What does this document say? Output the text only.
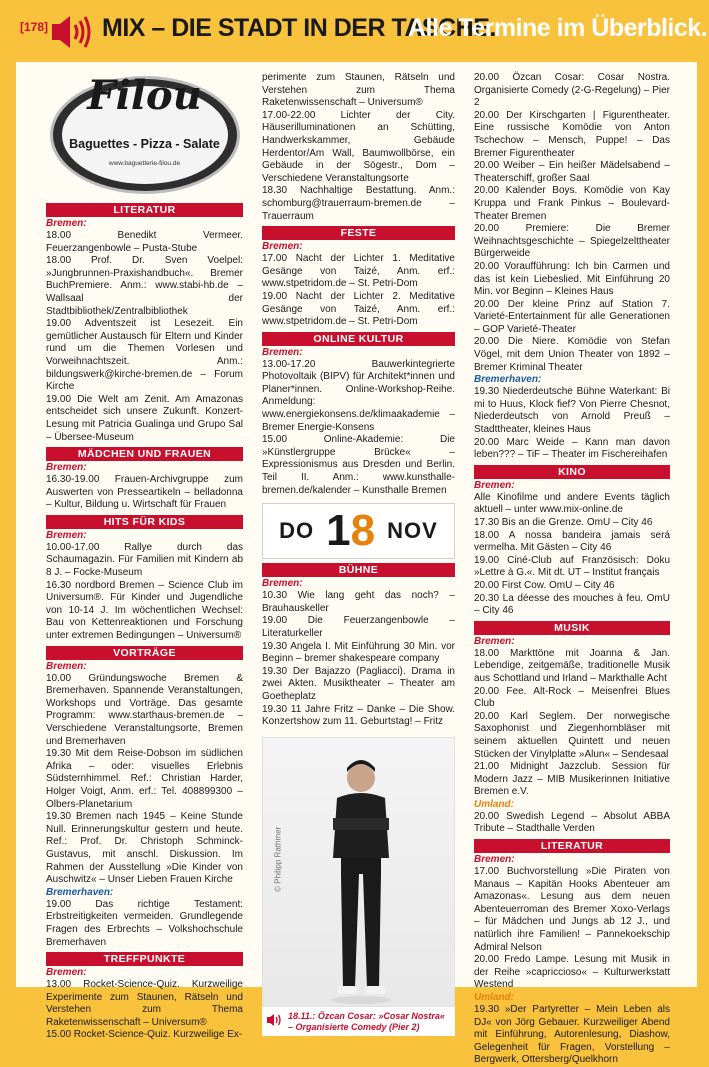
[178] MIX – DIE STADT IN DER TASCHE.
Alle Termine im Überblick.
Filou
Baguettes - Pizza - Salate
www.baguetterie-filou.de
LITERATUR
Bremen:
18.00 Benedikt Vermeer. Feuerzangenbowle – Pusta-Stube
18.00 Prof. Dr. Sven Voelpel: »Jungbrunnen-Praxishandbuch«. Bremer BuchPremiere. Anm.: www.stabi-hb.de – Wallsaal der Stadtbibliothek/Zentralbibliothek
19.00 Adventszeit ist Lesezeit. Ein gemütlicher Austausch für Eltern und Kinder rund um die Themen Vorlesen und Vorweihnachtszeit. Anm.: bildungswerk@kirche-bremen.de – Forum Kirche
19.00 Die Welt am Zenit. Am Amazonas entscheidet sich unsere Zukunft. Konzert-Lesung mit Patricia Gualinga und Grupo Sal – Übersee-Museum
MÄDCHEN UND FRAUEN
Bremen:
16.30-19.00 Frauen-Archivgruppe zum Auswerten von Presseartikeln – belladonna – Kultur, Bildung u. Wirtschaft für Frauen
HITS FÜR KIDS
Bremen:
10.00-17.00 Rallye durch das Schaumagazin. Für Familien mit Kindern ab 8 J. – Focke-Museum
16.30 nordbord Bremen – Science Club im Universum®. Für Kinder und Jugendliche von 10-14 J. Im wöchentlichen Wechsel: Bau von Kettenreaktionen und Forschung unter extremen Bedingungen – Universum®
VORTRÄGE
Bremen:
10.00 Gründungswoche Bremen & Bremerhaven. Spannende Veranstaltungen, Workshops und Vorträge. Das gesamte Programm: www.starthaus-bremen.de – Verschiedene Veranstaltungsorte, Bremen und Bremerhaven
19.30 Mit dem Reise-Dobson im südlichen Afrika – oder: visuelles Erlebnis Südsternhimmel. Ref.: Christian Harder, Holger Voigt, Anm. erf.: Tel. 408899300 – Olbers-Planetarium
19.30 Bremen nach 1945 – Keine Stunde Null. Erinnerungskultur gestern und heute. Ref.: Prof. Dr. Christoph Schminck-Gustavus, mit anschl. Diskussion. Im Rahmen der Ausstellung »Die Kinder von Auschwitz« – Unser Lieben Frauen Kirche
Bremerhaven:
19.00 Das richtige Testament: Erbstreitigkeiten vermeiden. Grundlegende Fragen des Erbrechts – Volkshochschule Bremerhaven
TREFFPUNKTE
Bremen:
13.00 Rocket-Science-Quiz. Kurzweilige Experimente zum Staunen, Rätseln und Verstehen zum Thema Raketenwissenschaft – Universum®
15.00 Rocket-Science-Quiz. Kurzweilige Ex-
perimente zum Staunen, Rätseln und Verstehen zum Thema Raketenwissenschaft – Universum®
17.00-22.00 Lichter der City. Häuserilluminationen an Schütting, Handwerkskammer, Gebäude Herdentor/Am Wall, Baumwollbörse, ein Gebäude in der Sögestr., Dom – Verschiedene Veranstaltungsorte
18.30 Nachhaltige Bestattung. Anm.: schomburg@trauerraum-bremen.de – Trauerraum
FESTE
Bremen:
17.00 Nacht der Lichter 1. Meditative Gesänge von Taizé, Anm. erf.: www.stpetridom.de – St. Petri-Dom
19.00 Nacht der Lichter 2. Meditative Gesänge von Taizé, Anm. erf.: www.stpetridom.de – St. Petri-Dom
ONLINE KULTUR
Bremen:
13.00-17.20 Bauwerkintegrierte Photovoltaik (BIPV) für Architekt*innen und Planer*innen. Online-Workshop-Reihe. Anmeldung: www.energiekonsens.de/klimaakademie – Bremer Energie-Konsens
15.00 Online-Akademie: Die »Künstlergruppe Brücke« – Expressionismus aus Dresden und Berlin. Teil II. Anm.: www.kunsthalle-bremen.de/kalender – Kunsthalle Bremen
DO 1 8 NOV
BÜHNE
Bremen:
10.30 Wie lang geht das noch? – Brauhauskeller
19.00 Die Feuerzangenbowle – Literaturkeller
19.30 Angela I. Mit Einführung 30 Min. vor Beginn – bremer shakespeare company
19.30 Der Bajazzo (Pagliacci). Drama in zwei Akten. Musiktheater – Theater am Goetheplatz
19.30 11 Jahre Fritz – Danke – Die Show. Konzertshow zum 11. Geburtstag! – Fritz
© Philipp Rathmer
18.11.: Özcan Cosar: »Cosar Nostra« – Organisierte Comedy (Pier 2)
20.00 Özcan Cosar: Cosar Nostra. Organisierte Comedy (2-G-Regelung) – Pier 2
20.00 Der Kirschgarten | Figurentheater. Eine russische Komödie von Anton Tschechow – Mensch, Puppe! – Das Bremer Figurentheater
20.00 Weiber – Ein heißer Mädelsabend – Theaterschiff, großer Saal
20.00 Kalender Boys. Komödie von Kay Kruppa und Frank Pinkus – Boulevard-Theater Bremen
20.00 Premiere: Die Bremer Weihnachtsgeschichte – Spiegelzelttheater Bürgerweide
20.00 Voraufführung: Ich bin Carmen und das ist kein Liebeslied. Mit Einführung 20 Min. vor Beginn – Kleines Haus
20.00 Der kleine Prinz auf Station 7. Varieté-Entertainment für alle Generationen – GOP Varieté-Theater
20.00 Die Niere. Komödie von Stefan Vögel, mit dem Union Theater von 1892 – Bremer Kriminal Theater
Bremerhaven:
19.30 Niederdeutsche Bühne Waterkant: Bi mi to Huus, Klock fief? Von Pierre Chesnot, Niederdeutsch von Arnold Preuß – Stadttheater, kleines Haus
20.00 Marc Weide – Kann man davon leben??? – TiF – Theater im Fischereihafen
KINO
Bremen:
Alle Kinofilme und andere Events täglich aktuell – unter www.mix-online.de
17.30 Bis an die Grenze. OmU – City 46
18.00 A nossa bandeira jamais será vermelha. Mit Gästen – City 46
19.00 Ciné-Club auf Französisch: Doku »Lettre à G.«. Mit dt. UT – Institut français
20.00 First Cow. OmU – City 46
20.30 La déesse des mouches à feu. OmU – City 46
MUSIK
Bremen:
18.00 Markttöne mit Joanna & Jan. Lebendige, zeitgemäße, traditionelle Musik aus Schottland und Irland – Markthalle Acht
20.00 Fee. Alt-Rock – Meisenfrei Blues Club
20.00 Karl Seglem. Der norwegische Saxophonist und Ziegenhornbläser mit seinem aktuellen Quintett und neuen Stücken der Vinylplatte »Alun« – Sendesaal
21.00 Midnight Jazzclub. Session für Modern Jazz – MIB Musikerinnen Initiative Bremen e.V.
Umland:
20.00 Swedish Legend – Absolut ABBA Tribute – Stadthalle Verden
LITERATUR
Bremen:
17.00 Buchvorstellung »Die Piraten von Manaus – Kapitän Hooks Abenteuer am Amazonas«. Lesung aus dem neuen Abenteuerroman des Bremer Xoxo-Verlags – für Mädchen und Jungs ab 12 J., und natürlich ihre Familien! – Pannekoekschip Admiral Nelson
20.00 Fredo Lampe. Lesung mit Musik in der Reihe »capriccioso« – Kulturwerkstatt Westend
Umland:
19.30 »Der Partyretter – Mein Leben als DJ« von Jörg Gebauer. Kurzweiliger Abend mit Einführung, Autorenlesung, Diashow, Gelegenheit für Fragen, Vorstellung – Bergwerk, Ottersberg/Quelkhorn
